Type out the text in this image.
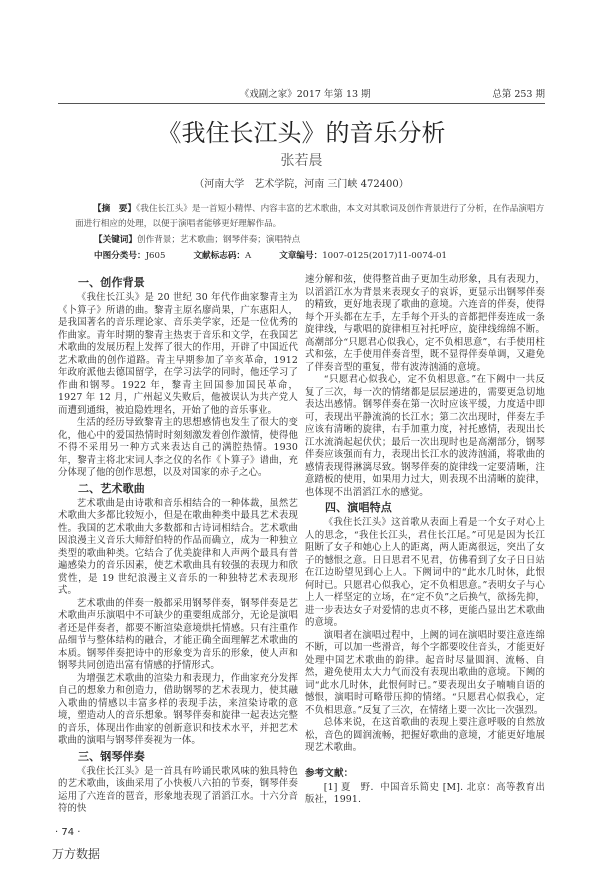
《戏剧之家》2017 年第 13 期	总第 253 期
《我住长江头》的音乐分析
张若晨
（河南大学　艺术学院，河南 三门峡 472400）
【摘　要】《我住长江头》是一首短小精悍、内容丰富的艺术歌曲，本文对其歌词及创作背景进行了分析，在作品演唱方面进行相应的处理，以便于演唱者能够更好理解作品。
【关键词】创作背景；艺术歌曲；钢琴伴奏；演唱特点
中图分类号：J605	文献标志码：A	文章编号：1007-0125(2017)11-0074-01
一、创作背景

《我住长江头》是 20 世纪 30 年代作曲家黎青主为《卜算子》所谱的曲。黎青主原名廖尚果，广东惠阳人，是我国著名的音乐理论家、音乐美学家，还是一位优秀的作曲家。青年时期的黎青主热衷于音乐和文学，在我国艺术歌曲的发展历程上发挥了很大的作用，开辟了中国近代艺术歌曲的创作道路。青主早期参加了辛亥革命，1912 年政府派他去德国留学，在学习法学的同时，他还学习了作曲和钢琴。1922 年，黎青主回国参加国民革命，1927 年 12 月，广州起义失败后，他被误认为共产党人而遭到通缉，被迫隐姓埋名，开始了他的音乐事业。

生活的经历导致黎青主的思想感情也发生了很大的变化，他心中的爱国热情时时刻刻激发着创作激情，使得他不得不采用另一种方式来表达自己的满腔热情。1930 年，黎青主将北宋词人李之仪的名作《卜算子》谱曲，充分体现了他的创作思想，以及对国家的赤子之心。

二、艺术歌曲

艺术歌曲是由诗歌和音乐相结合的一种体裁，虽然艺术歌曲大多都比较短小，但是在歌曲种类中最具艺术表现性。我国的艺术歌曲大多数都和古诗词相结合。艺术歌曲因浪漫主义音乐大师舒伯特的作品而确立，成为一种独立类型的歌曲种类。它结合了优美旋律和人声两个最具有普遍感染力的音乐因素，使艺术歌曲具有较强的表现力和欣赏性，是 19 世纪浪漫主义音乐的一种独特艺术表现形式。

艺术歌曲的伴奏一般都采用钢琴伴奏，钢琴伴奏是艺术歌曲声乐演唱中不可缺少的重要组成部分，无论是演唱者还是伴奏者，都要不断渲染意境烘托情感。只有注重作品细节与整体结构的融合，才能正确全面理解艺术歌曲的本质。钢琴伴奏把诗中的形象变为音乐的形象，使人声和钢琴共同创造出富有情感的抒情形式。

为增强艺术歌曲的渲染力和表现力，作曲家充分发挥自己的想象力和创造力，借助钢琴的艺术表现力，使其融入歌曲的情感以丰富多样的表现手法，来渲染诗歌的意境，塑造动人的音乐想象。钢琴伴奏和旋律一起表达完整的音乐，体现出作曲家的创新意识和技术水平，并把艺术歌曲的演唱与钢琴伴奏视为一体。

三、钢琴伴奏

《我住长江头》是一首具有吟诵民歌风味的独具特色的艺术歌曲，该曲采用了小快板八六拍的节奏，钢琴伴奏运用了六连音的琶音，形象地表现了滔滔江水。十六分音符的快

速分解和弦，使得整首曲子更加生动形象，具有表现力，以滔滔江水为背景来表现女子的哀诉，更显示出钢琴伴奏的精致，更好地表现了歌曲的意境。六连音的伴奏，使得每个开头都在左手，左手每个开头的音都把伴奏连成一条旋律线，与歌唱的旋律相互衬托呼应，旋律线绵绵不断。高潮部分“只愿君心似我心，定不负相思意”，右手使用柱式和弦，左手使用伴奏音型，既不显得伴奏单调，又避免了伴奏音型的重复，带有波涛汹涌的意境。

“只愿君心似我心，定不负相思意。”在下阙中一共反复了三次，每一次的情绪都是层层递进的，需要更急切地表达出感情。钢琴伴奏在第一次时应该平缓，力度适中即可，表现出平静流淌的长江水；第二次出现时，伴奏左手应该有清晰的旋律，右手加重力度，衬托感情，表现出长江水流淌起起伏伏；最后一次出现时也是高潮部分，钢琴伴奏应该强而有力，表现出长江水的波涛汹涌，将歌曲的感情表现得淋漓尽致。钢琴伴奏的旋律线一定要清晰，注意踏板的使用，如果用力过大，则表现不出清晰的旋律，也体现不出滔滔江水的感觉。

四、演唱特点

《我住长江头》这首歌从表面上看是一个女子对心上人的思念，“我住长江头，君住长江尾。”可见是因为长江阻断了女子和她心上人的距离，两人距离很远，突出了女子的憾恨之意。日日思君不见君，仿佛看到了女子日日站在江边盼望见到心上人。下阙词中的“此水几时休，此恨何时已。只愿君心似我心，定不负相思意。”表明女子与心上人一样坚定的立场，在“定不负”之后换气，欲扬先抑，进一步表达女子对爱情的忠贞不移，更能凸显出艺术歌曲的意境。

演唱者在演唱过程中，上阙的词在演唱时要注意连绵不断，可以加一些滑音，每个字都要咬住音头，才能更好处理中国艺术歌曲的韵律。起音时尽量圆润、流畅、自然，避免使用太大力气而没有表现出歌曲的意境。下阙的词“此水几时休，此恨何时已。”要表现出女子喃喃自语的憾恨，演唱时可略带压抑的情绪。“只愿君心似我心，定不负相思意。”反复了三次，在情绪上要一次比一次强烈。

总体来说，在这首歌曲的表现上要注意呼吸的自然放松，音色的圆润流畅，把握好歌曲的意境，才能更好地展现艺术歌曲。

参考文献：

[1] 夏　野．中国音乐简史 [M]. 北京：高等教育出版社，1991.

· 74 ·
万方数据
